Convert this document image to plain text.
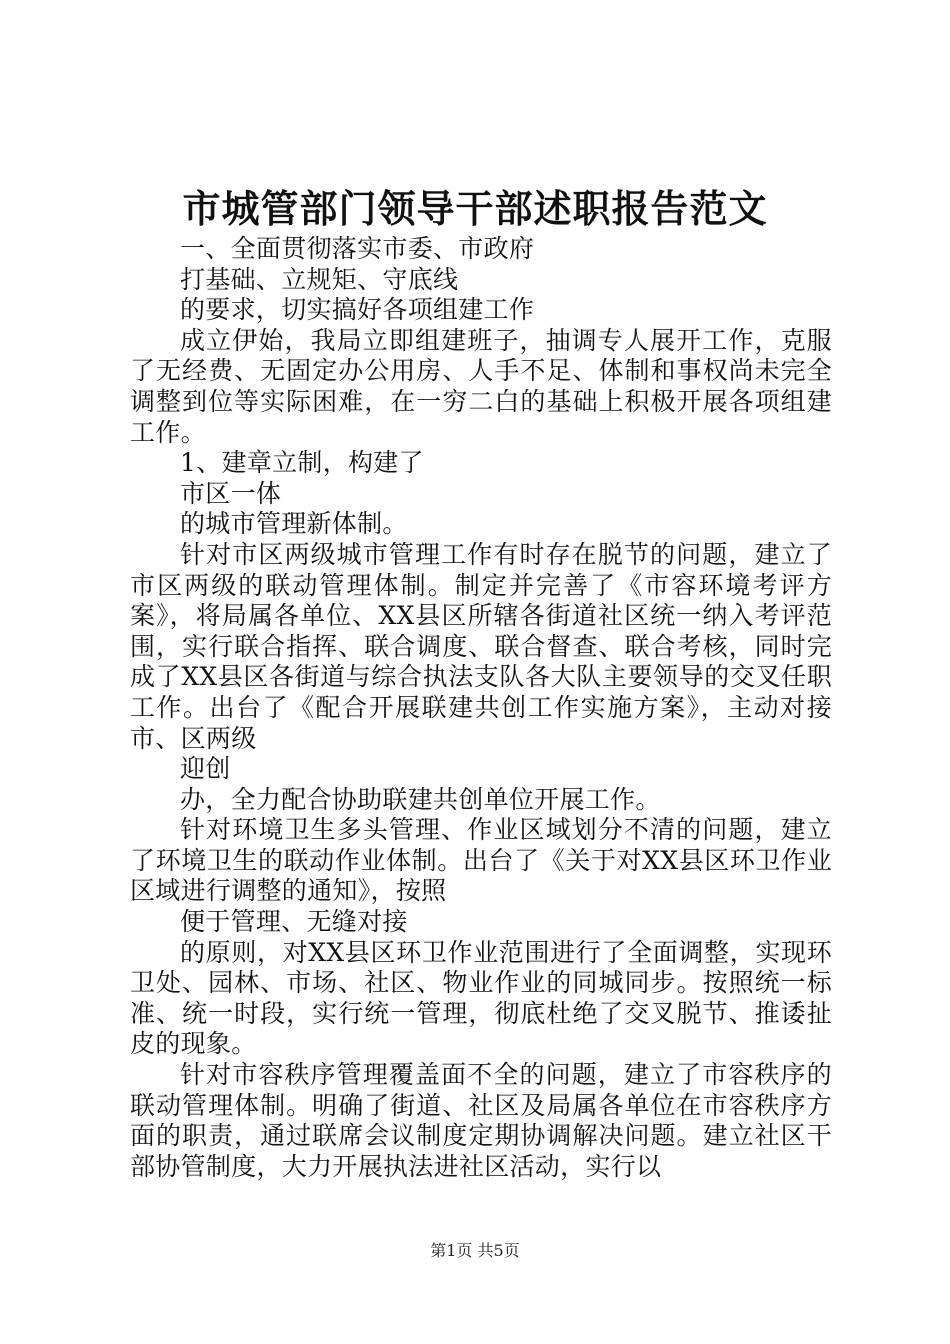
市城管部门领导干部述职报告范文

一、全面贯彻落实市委、市政府

打基础、立规矩、守底线

的要求，切实搞好各项组建工作

成立伊始，我局立即组建班子，抽调专人展开工作，克服了无经费、无固定办公用房、人手不足、体制和事权尚未完全调整到位等实际困难，在一穷二白的基础上积极开展各项组建工作。

1、建章立制，构建了

市区一体

的城市管理新体制。

针对市区两级城市管理工作有时存在脱节的问题，建立了市区两级的联动管理体制。制定并完善了《市容环境考评方案》，将局属各单位、XX县区所辖各街道社区统一纳入考评范围，实行联合指挥、联合调度、联合督查、联合考核，同时完成了XX县区各街道与综合执法支队各大队主要领导的交叉任职工作。出台了《配合开展联建共创工作实施方案》，主动对接市、区两级

迎创

办，全力配合协助联建共创单位开展工作。

针对环境卫生多头管理、作业区域划分不清的问题，建立了环境卫生的联动作业体制。出台了《关于对XX县区环卫作业区域进行调整的通知》，按照

便于管理、无缝对接

的原则，对XX县区环卫作业范围进行了全面调整，实现环卫处、园林、市场、社区、物业作业的同城同步。按照统一标准、统一时段，实行统一管理，彻底杜绝了交叉脱节、推诿扯皮的现象。

针对市容秩序管理覆盖面不全的问题，建立了市容秩序的联动管理体制。明确了街道、社区及局属各单位在市容秩序方面的职责，通过联席会议制度定期协调解决问题。建立社区干部协管制度，大力开展执法进社区活动，实行以

第1页 共5页
